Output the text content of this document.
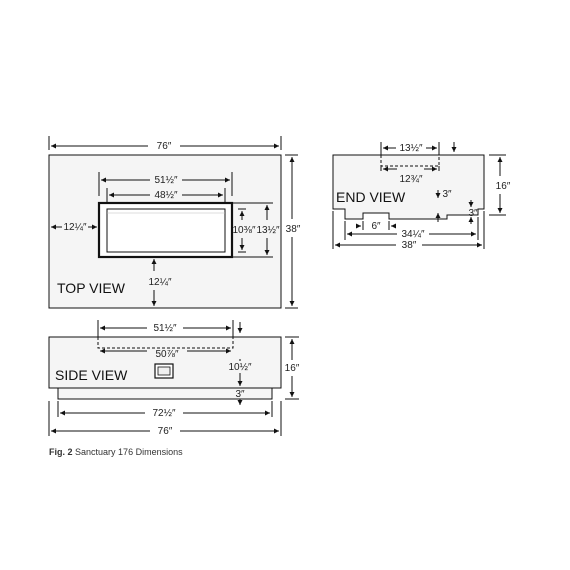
76″
51½″
48½″
12¼″	10⅜″ 13½″
12¼″
38″
TOP VIEW
13½″
12¾″
16″
3″
3″
END VIEW
6″
34¼″
38″
51½″
50⅞″
10½″
3″
16″
SIDE VIEW
72½″
76″
Fig. 2 Sanctuary 176 Dimensions
